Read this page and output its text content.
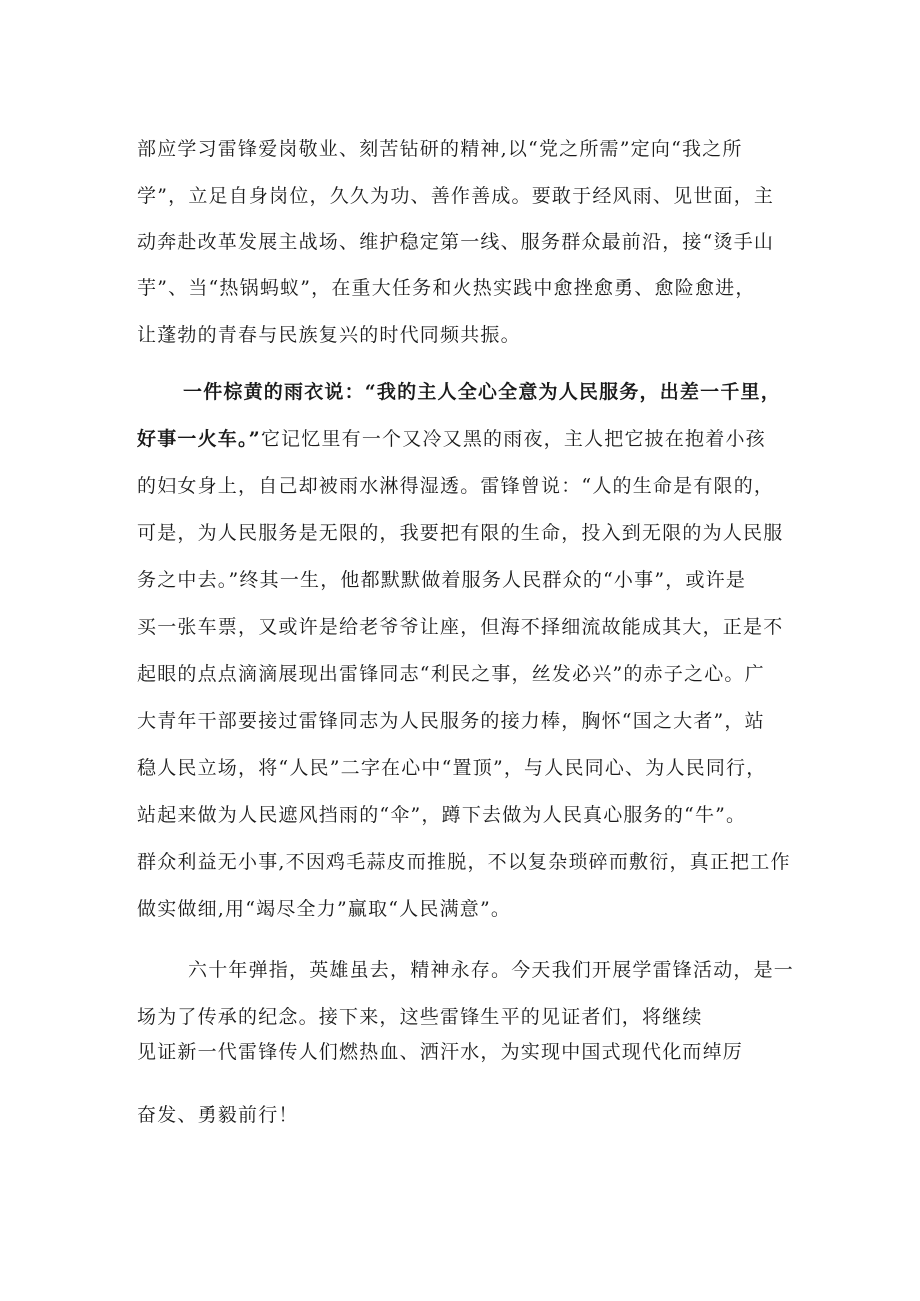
部应学习雷锋爱岗敬业、刻苦钻研的精神,以“党之所需”定向“我之所
学”，立足自身岗位，久久为功、善作善成。要敢于经风雨、见世面，主
动奔赴改革发展主战场、维护稳定第一线、服务群众最前沿，接“烫手山
芋”、当“热锅蚂蚁”，在重大任务和火热实践中愈挫愈勇、愈险愈进，
让蓬勃的青春与民族复兴的时代同频共振。
一件棕黄的雨衣说：“我的主人全心全意为人民服务，出差一千里，
好事一火车。”它记忆里有一个又冷又黑的雨夜，主人把它披在抱着小孩
的妇女身上，自己却被雨水淋得湿透。雷锋曾说：“人的生命是有限的，
可是，为人民服务是无限的，我要把有限的生命，投入到无限的为人民服
务之中去。”终其一生，他都默默做着服务人民群众的“小事”，或许是
买一张车票，又或许是给老爷爷让座，但海不择细流故能成其大，正是不
起眼的点点滴滴展现出雷锋同志“利民之事，丝发必兴”的赤子之心。广
大青年干部要接过雷锋同志为人民服务的接力棒，胸怀“国之大者”，站
稳人民立场，将“人民”二字在心中“置顶”，与人民同心、为人民同行，
站起来做为人民遮风挡雨的“伞”，蹲下去做为人民真心服务的“牛”。
群众利益无小事,不因鸡毛蒜皮而推脱，不以复杂琐碎而敷衍，真正把工作
做实做细,用“竭尽全力”赢取“人民满意”。
六十年弹指，英雄虽去，精神永存。今天我们开展学雷锋活动，是一
场为了传承的纪念。接下来，这些雷锋生平的见证者们，将继续
见证新一代雷锋传人们燃热血、洒汗水，为实现中国式现代化而绰厉
奋发、勇毅前行！
